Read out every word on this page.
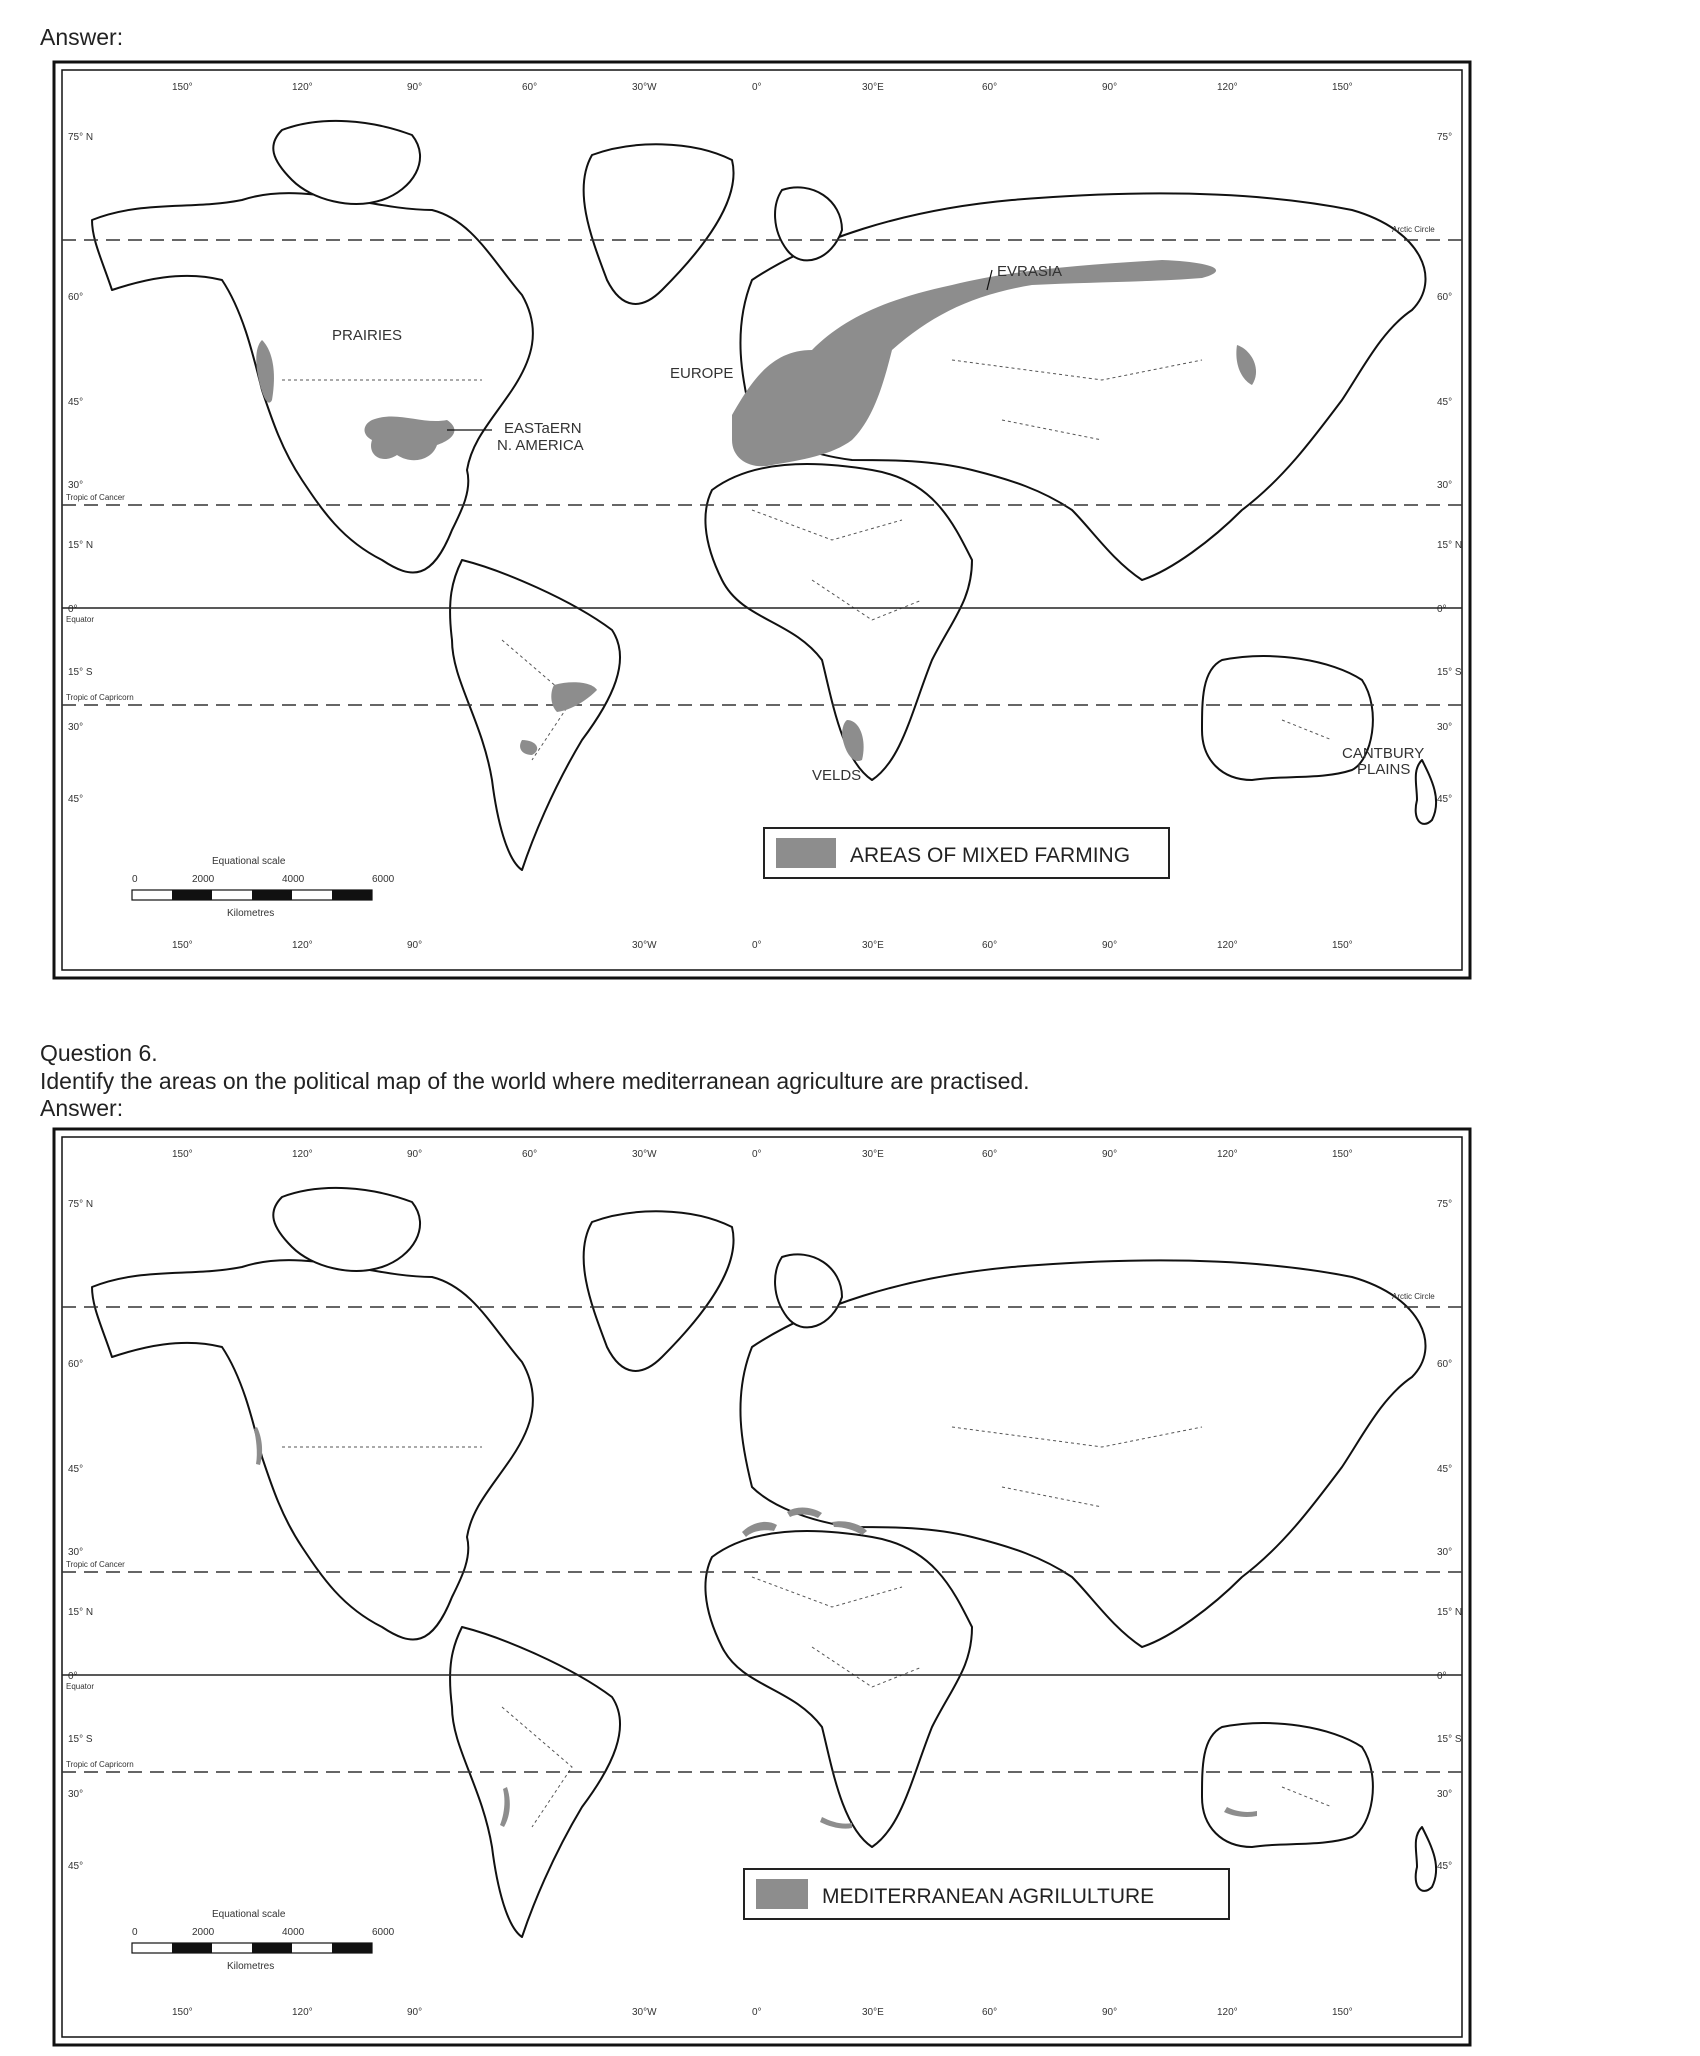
Answer:

150°	120°	90°	60°	30°W	0°	30°E	60°	90°	120°	150°
150°	120°	90°	30°W	0°	30°E	60°	90°	120°	150°
75° N
60°
45°
30°
15° N
0°
15° S
30°
45°
75°
60°
45°
30°
15° N
0°
15° S
30°
45°
Arctic Circle
Tropic of Cancer
Equator
Tropic of Capricorn
PRAIRIES
EASTaERN
N. AMERICA
EUROPE
EVRASIA
VELDS
CANTBURY
PLAINS
AREAS OF MIXED FARMING
Equational scale
0	2000	4000	6000
Kilometres

Question 6.

Identify the areas on the political map of the world where mediterranean agriculture are practised.

Answer:

150°	120°	90°	60°	30°W	0°	30°E	60°	90°	120°	150°
150°	120°	90°	30°W	0°	30°E	60°	90°	120°	150°
75° N
60°
45°
30°
15° N
0°
15° S
30°
45°
75°
60°
45°
30°
15° N
0°
15° S
30°
45°
Arctic Circle
Tropic of Cancer
Equator
Tropic of Capricorn
MEDITERRANEAN AGRILULTURE
Equational scale
0	2000	4000	6000
Kilometres
